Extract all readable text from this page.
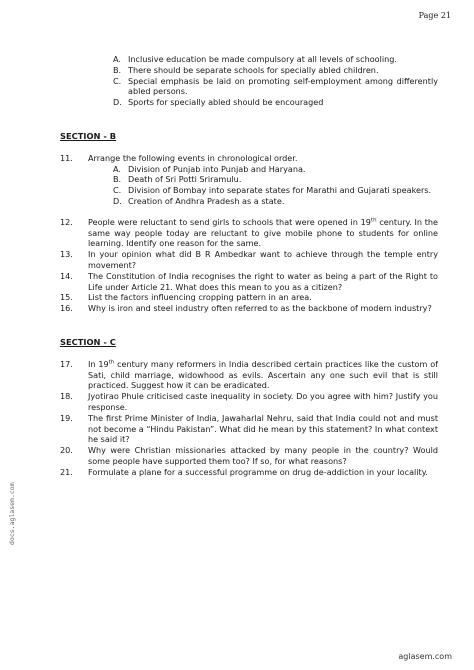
Page 21
docs.aglasem.com
aglasem.com
A. Inclusive education be made compulsory at all levels of schooling.
B. There should be separate schools for specially abled children.
C. Special emphasis be laid on promoting self-employment among differently abled persons.
D. Sports for specially abled should be encouraged
SECTION - B
11.	Arrange the following events in chronological order.
A. Division of Punjab into Punjab and Haryana.
B. Death of Sri Potti Sriramulu.
C. Division of Bombay into separate states for Marathi and Gujarati speakers.
D. Creation of Andhra Pradesh as a state.
12.	People were reluctant to send girls to schools that were opened in 19th century. In the same way people today are reluctant to give mobile phone to students for online learning. Identify one reason for the same.
13.	In your opinion what did B R Ambedkar want to achieve through the temple entry movement?
14.	The Constitution of India recognises the right to water as being a part of the Right to Life under Article 21. What does this mean to you as a citizen?
15.	List the factors influencing cropping pattern in an area.
16.	Why is iron and steel industry often referred to as the backbone of modern industry?
SECTION - C
17.	In 19th century many reformers in India described certain practices like the custom of Sati, child marriage, widowhood as evils. Ascertain any one such evil that is still practiced. Suggest how it can be eradicated.
18.	Jyotirao Phule criticised caste inequality in society. Do you agree with him? Justify you response.
19.	The first Prime Minister of India, Jawaharlal Nehru, said that India could not and must not become a “Hindu Pakistan”. What did he mean by this statement? In what context he said it?
20.	Why were Christian missionaries attacked by many people in the country? Would some people have supported them too? If so, for what reasons?
21.	Formulate a plane for a successful programme on drug de-addiction in your locality.
